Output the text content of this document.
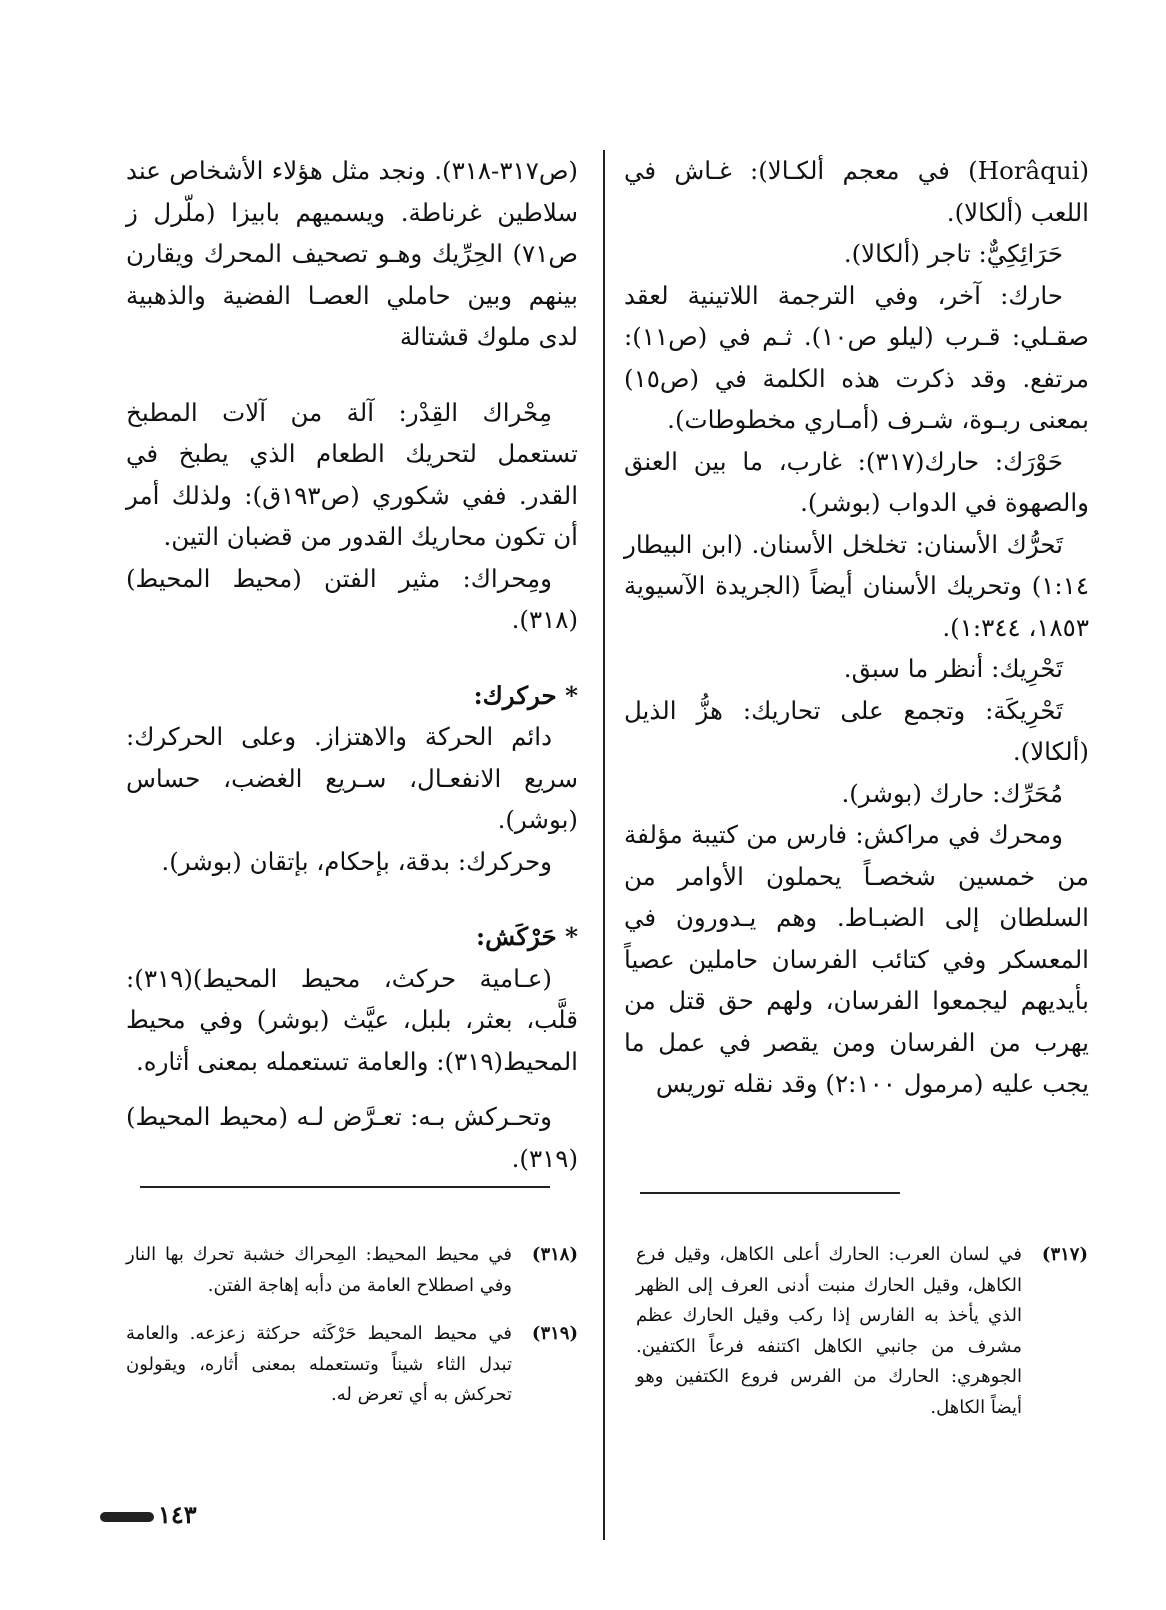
(Horâqui) في معجم ألكـالا): غـاش في اللعب (ألكالا).

حَرَائِكِيٌّ: تاجر (ألكالا).

حارك: آخر، وفي الترجمة اللاتينية لعقد صقـلي: قـرب (ليلو ص١٠). ثـم في (ص١١): مرتفع. وقد ذكرت هذه الكلمة في (ص١٥) بمعنى ربـوة، شـرف (أمـاري مخطوطات).

حَوْرَك: حارك(٣١٧): غارب، ما بين العنق والصهوة في الدواب (بوشر).

تَحرُّك الأسنان: تخلخل الأسنان. (ابن البيطار ١:١٤) وتحريك الأسنان أيضاً (الجريدة الآسيوية ١٨٥٣، ١:٣٤٤).

تَحْرِيك: أنظر ما سبق.

تَحْرِيكَة: وتجمع على تحاريك: هزُّ الذيل (ألكالا).

مُحَرِّك: حارك (بوشر).

ومحرك في مراكش: فارس من كتيبة مؤلفة من خمسين شخصـاً يحملون الأوامر من السلطان إلى الضبـاط. وهم يـدورون في المعسكر وفي كتائب الفرسان حاملين عصياً بأيديهم ليجمعوا الفرسان، ولهم حق قتل من يهرب من الفرسان ومن يقصر في عمل ما يجب عليه (مرمول ٢:١٠٠) وقد نقله توريس

(ص٣١٧-٣١٨). ونجد مثل هؤلاء الأشخاص عند سلاطين غرناطة. ويسميهم بابيزا (ملّرل ز ص٧١) الحِرِّيك وهـو تصحيف المحرك ويقارن بينهم وبين حاملي العصـا الفضية والذهبية لدى ملوك قشتالة

مِحْراك القِدْر: آلة من آلات المطبخ تستعمل لتحريك الطعام الذي يطبخ في القدر. ففي شكوري (ص١٩٣ق): ولذلك أمر أن تكون محاريك القدور من قضبان التين.

ومِحراك: مثير الفتن (محيط المحيط)(٣١٨).

* حركرك:

دائم الحركة والاهتزاز. وعلى الحركرك: سريع الانفعـال، سـريع الغضب، حساس (بوشر).

وحركرك: بدقة، بإحكام، بإتقان (بوشر).

* حَرْكَش:

(عـامية حركث، محيط المحيط)(٣١٩): قلَّب، بعثر، بلبل، عيَّث (بوشر) وفي محيط المحيط(٣١٩): والعامة تستعمله بمعنى أثاره.

وتحـركش بـه: تعـرَّض لـه (محيط المحيط)(٣١٩).

(٣١٧)
في لسان العرب: الحارك أعلى الكاهل، وقيل فرع الكاهل، وقيل الحارك منبت أدنى العرف إلى الظهر الذي يأخذ به الفارس إذا ركب وقيل الحارك عظم مشرف من جانبي الكاهل اكتنفه فرعاً الكتفين. الجوهري: الحارك من الفرس فروع الكتفين وهو أيضاً الكاهل.
(٣١٨)
في محيط المحيط: المِحراك خشبة تحرك بها النار وفي اصطلاح العامة من دأبه إهاجة الفتن.
(٣١٩)
في محيط المحيط حَرْكَثه حركثة زعزعه. والعامة تبدل الثاء شيناً وتستعمله بمعنى أثاره، ويقولون تحركش به أي تعرض له.
١٤٣
